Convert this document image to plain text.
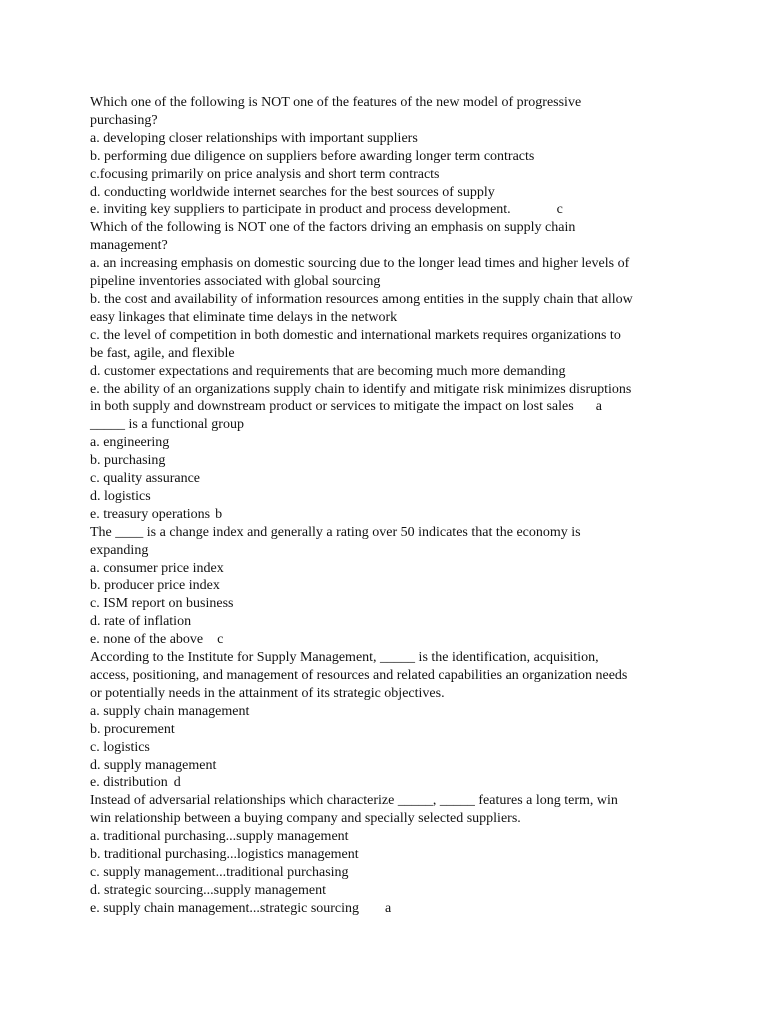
Which one of the following is NOT one of the features of the new model of progressive
purchasing?
a. developing closer relationships with important suppliers
b. performing due diligence on suppliers before awarding longer term contracts
c.focusing primarily on price analysis and short term contracts
d. conducting worldwide internet searches for the best sources of supply
e. inviting key suppliers to participate in product and process development.	c
Which of the following is NOT one of the factors driving an emphasis on supply chain
management?
a. an increasing emphasis on domestic sourcing due to the longer lead times and higher levels of
pipeline inventories associated with global sourcing
b. the cost and availability of information resources among entities in the supply chain that allow
easy linkages that eliminate time delays in the network
c. the level of competition in both domestic and international markets requires organizations to
be fast, agile, and flexible
d. customer expectations and requirements that are becoming much more demanding
e. the ability of an organizations supply chain to identify and mitigate risk minimizes disruptions
in both supply and downstream product or services to mitigate the impact on lost sales a
_____ is a functional group
a. engineering
b. purchasing
c. quality assurance
d. logistics
e. treasury operations b
The ____ is a change index and generally a rating over 50 indicates that the economy is
expanding
a. consumer price index
b. producer price index
c. ISM report on business
d. rate of inflation
e. none of the above c
According to the Institute for Supply Management, _____ is the identification, acquisition,
access, positioning, and management of resources and related capabilities an organization needs
or potentially needs in the attainment of its strategic objectives.
a. supply chain management
b. procurement
c. logistics
d. supply management
e. distribution d
Instead of adversarial relationships which characterize _____, _____ features a long term, win
win relationship between a buying company and specially selected suppliers.
a. traditional purchasing...supply management
b. traditional purchasing...logistics management
c. supply management...traditional purchasing
d. strategic sourcing...supply management
e. supply chain management...strategic sourcing a
